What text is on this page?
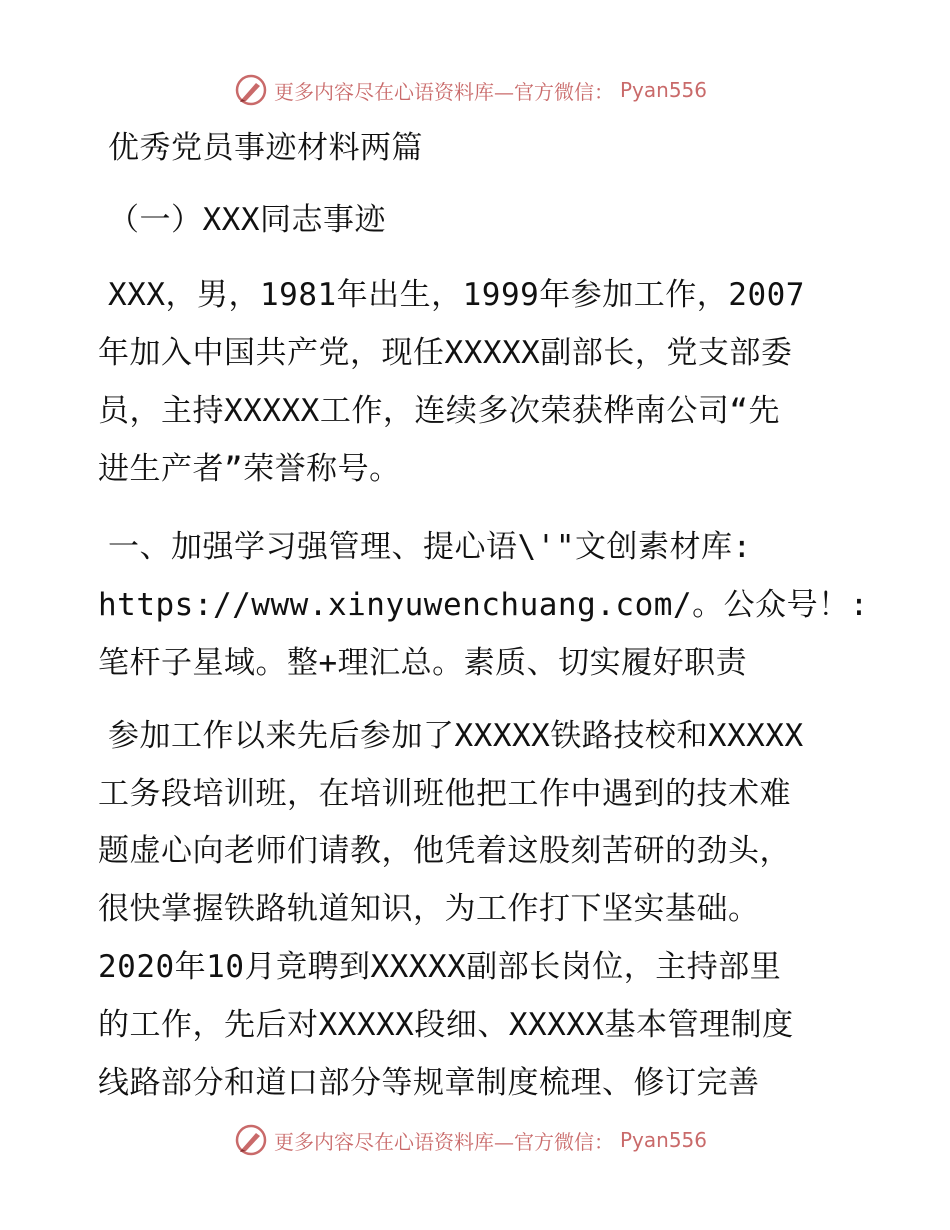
更多内容尽在心语资料库—官方微信： Pyan556
优秀党员事迹材料两篇
（一）XXX同志事迹
XXX，男，1981年出生，1999年参加工作，2007
年加入中国共产党，现任XXXXX副部长，党支部委
员，主持XXXXX工作，连续多次荣获桦南公司“先
进生产者”荣誉称号。
一、加强学习强管理、提心语\'"文创素材库:
https://www.xinyuwenchuang.com/。公众号！:
笔杆子星域。整+理汇总。素质、切实履好职责
参加工作以来先后参加了XXXXX铁路技校和XXXXX
工务段培训班，在培训班他把工作中遇到的技术难
题虚心向老师们请教，他凭着这股刻苦研的劲头，
很快掌握铁路轨道知识，为工作打下坚实基础。
2020年10月竞聘到XXXXX副部长岗位，主持部里
的工作，先后对XXXXX段细、XXXXX基本管理制度
线路部分和道口部分等规章制度梳理、修订完善
更多内容尽在心语资料库—官方微信： Pyan556
